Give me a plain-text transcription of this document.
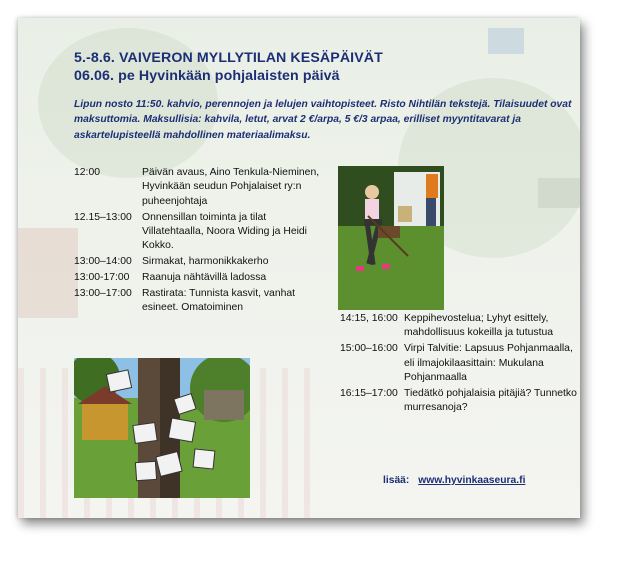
5.-8.6. VAIVERON MYLLYTILAN KESÄPÄIVÄT
06.06. pe Hyvinkään pohjalaisten päivä
Lipun nosto 11:50. kahvio, perennojen ja lelujen vaihtopisteet. Risto Nihtilän tekstejä. Tilaisuudet ovat maksuttomia. Maksullisia: kahvila, letut, arvat 2 €/arpa, 5 €/3 arpaa, erilliset myyntitavarat ja askartelupisteellä mahdollinen materiaalimaksu.
12:00	Päivän avaus, Aino Tenkula-Nieminen, Hyvinkään seudun Pohjalaiset ry:n puheenjohtaja
12.15–13:00 Onnensillan toiminta ja tilat Villatehtaalla, Noora Widing ja Heidi Kokko.
13:00–14:00 Sirmakat, harmonikkakerho
13:00-17:00	Raanuja nähtävillä ladossa
13:00–17:00 Rastirata: Tunnista kasvit, vanhat esineet. Omatoiminen
14:15, 16:00 Keppihevostelua; Lyhyt esittely, mahdollisuus kokeilla ja tutustua
15:00–16:00 Virpi Talvitie: Lapsuus Pohjanmaalla, eli ilmajokilaasittain: Mukulana Pohjanmaalla
16:15–17:00 Tiedätkö pohjalaisia pitäjiä? Tunnetko murresanoja?
lisää: www.hyvinkaaseura.fi
